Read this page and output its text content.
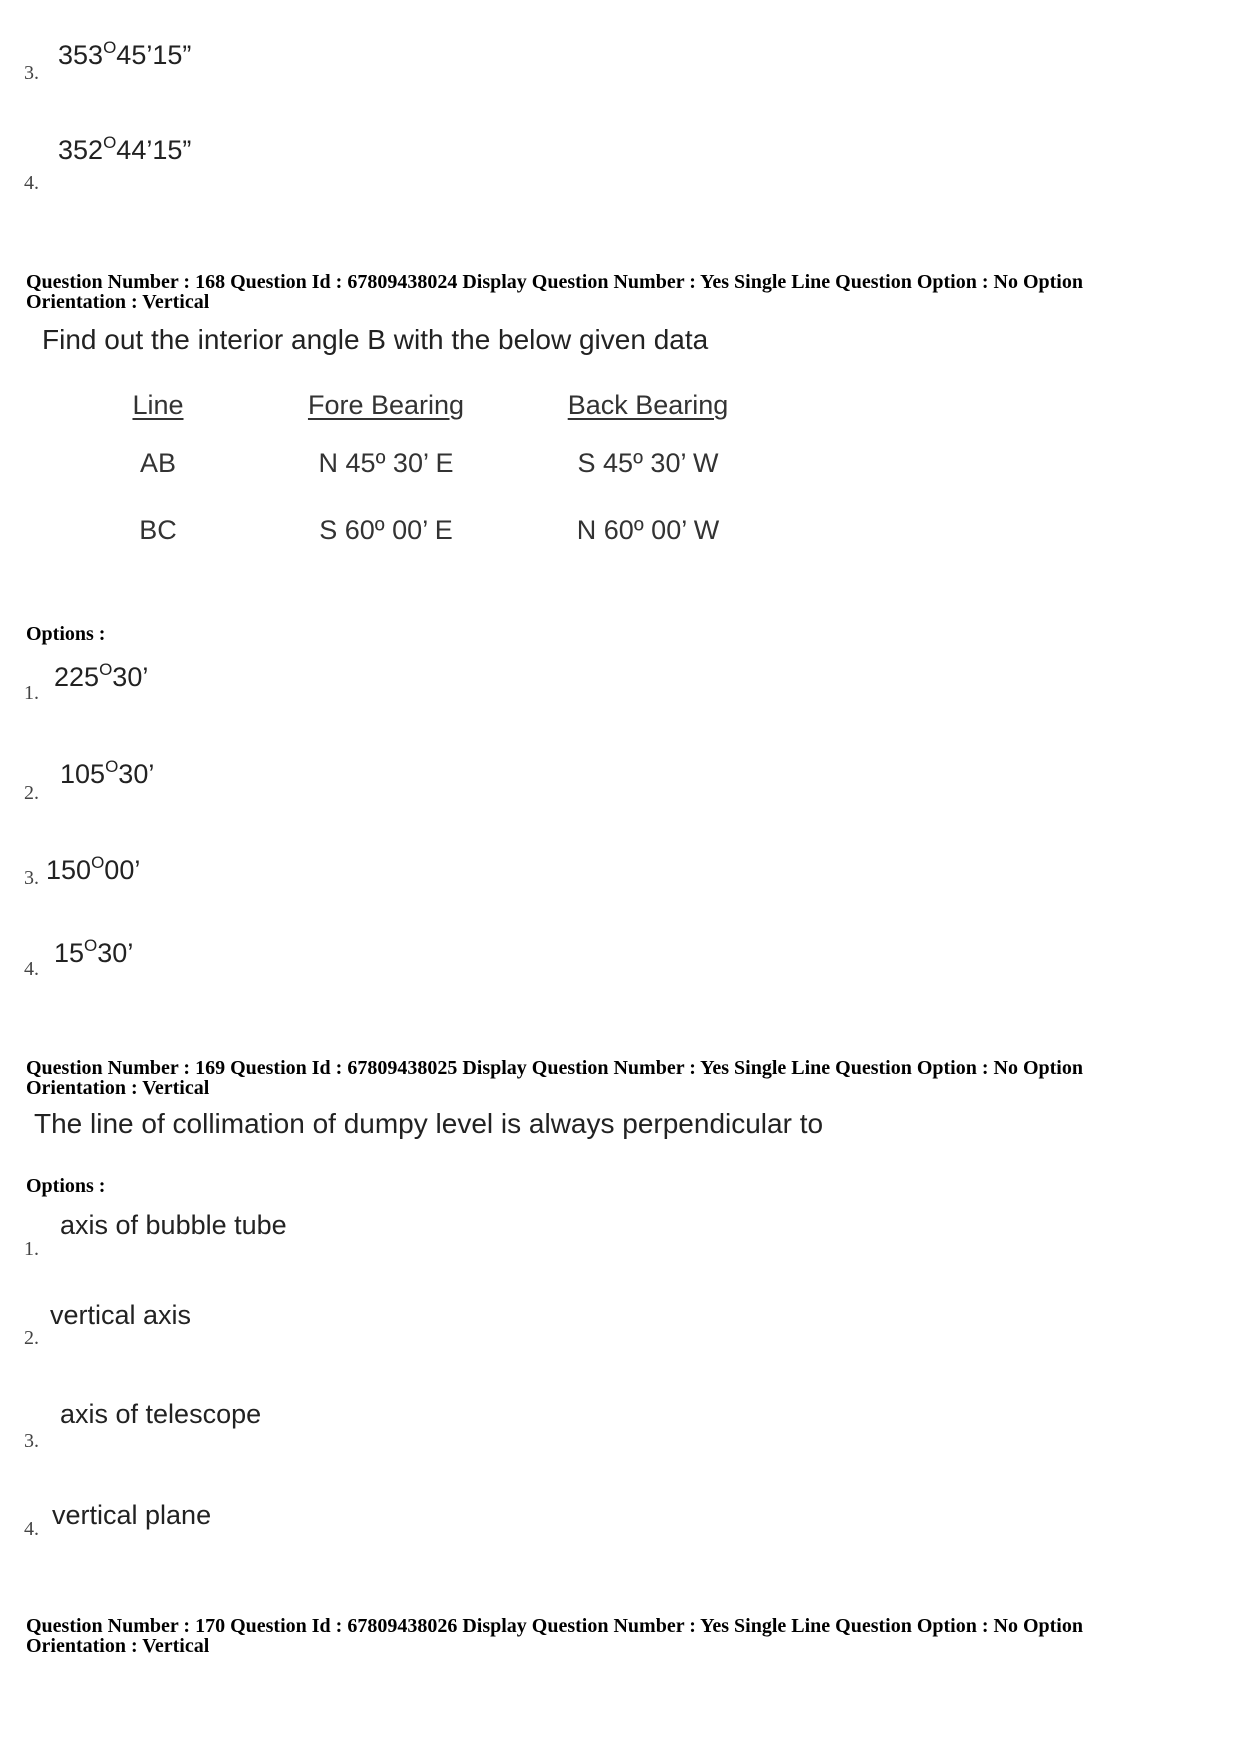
3.
$353^O45’15$”
4.
$352^O44’15$”
Question Number : 168 Question Id : 67809438024 Display Question Number : Yes Single Line Question Option : No Option
Orientation : Vertical
Find out the interior angle B with the below given data
Line	Fore Bearing	Back Bearing
AB	N 45º 30’ E	S 45º 30’ W
BC	S 60º 00’ E	N 60º 00’ W
Options :
1.
$225^O30$’
2.
$105^O30$’
3. $150^O00$’
4.
$15^O30$’
Question Number : 169 Question Id : 67809438025 Display Question Number : Yes Single Line Question Option : No Option
Orientation : Vertical
The line of collimation of dumpy level is always perpendicular to
Options :
1.
axis of bubble tube
2.
vertical axis
3.
axis of telescope
4. vertical plane
Question Number : 170 Question Id : 67809438026 Display Question Number : Yes Single Line Question Option : No Option
Orientation : Vertical
